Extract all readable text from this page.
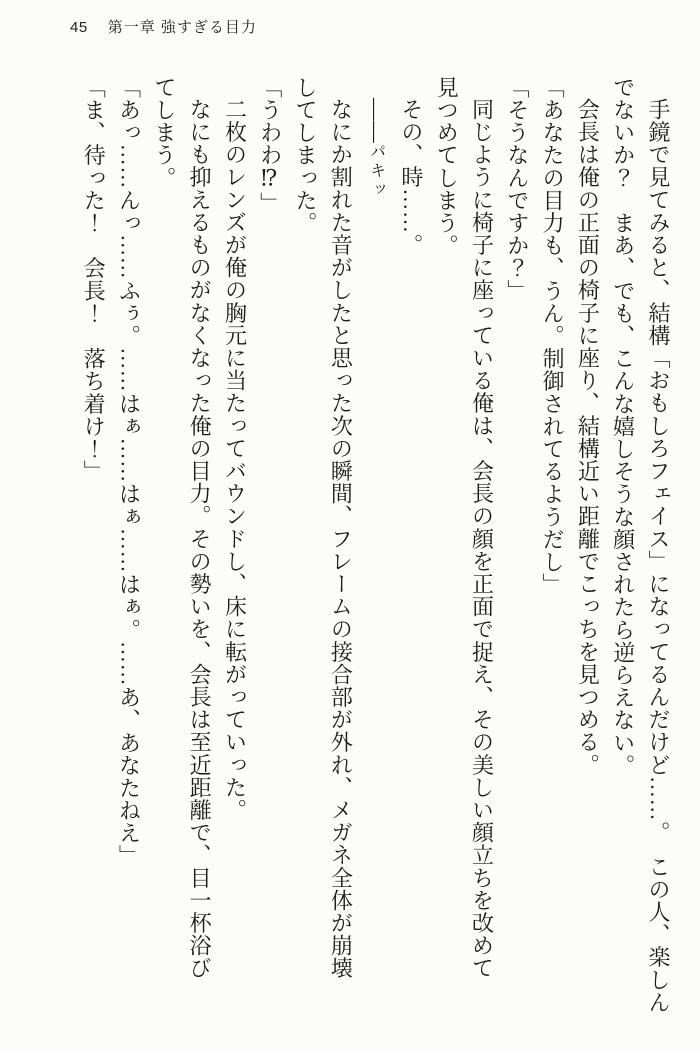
45 第一章 強すぎる目力
手鏡で見てみると、結構「おもしろフェイス」になってるんだけど……。　この人、楽しん
でないか？　まあ、でも、こんな嬉しそうな顔されたら逆らえない。
会長は俺の正面の椅子に座り、結構近い距離でこっちを見つめる。
「あなたの目力も、うん。制御されてるようだし」
「そうなんですか？」
同じように椅子に座っている俺は、会長の顔を正面で捉え、その美しい顔立ちを改めて
見つめてしまう。
その、時……。
――パキッ
なにか割れた音がしたと思った次の瞬間、フレームの接合部が外れ、メガネ全体が崩壊
してしまった。
「うわわ⁉」
二枚のレンズが俺の胸元に当たってバウンドし、床に転がっていった。
なにも抑えるものがなくなった俺の目力。その勢いを、会長は至近距離で、目一杯浴び
てしまう。
「あっ……んっ……ふぅ。……はぁ……はぁ……はぁ。……あ、あなたねえ」
「ま、待った！　会長！　落ち着け！」
